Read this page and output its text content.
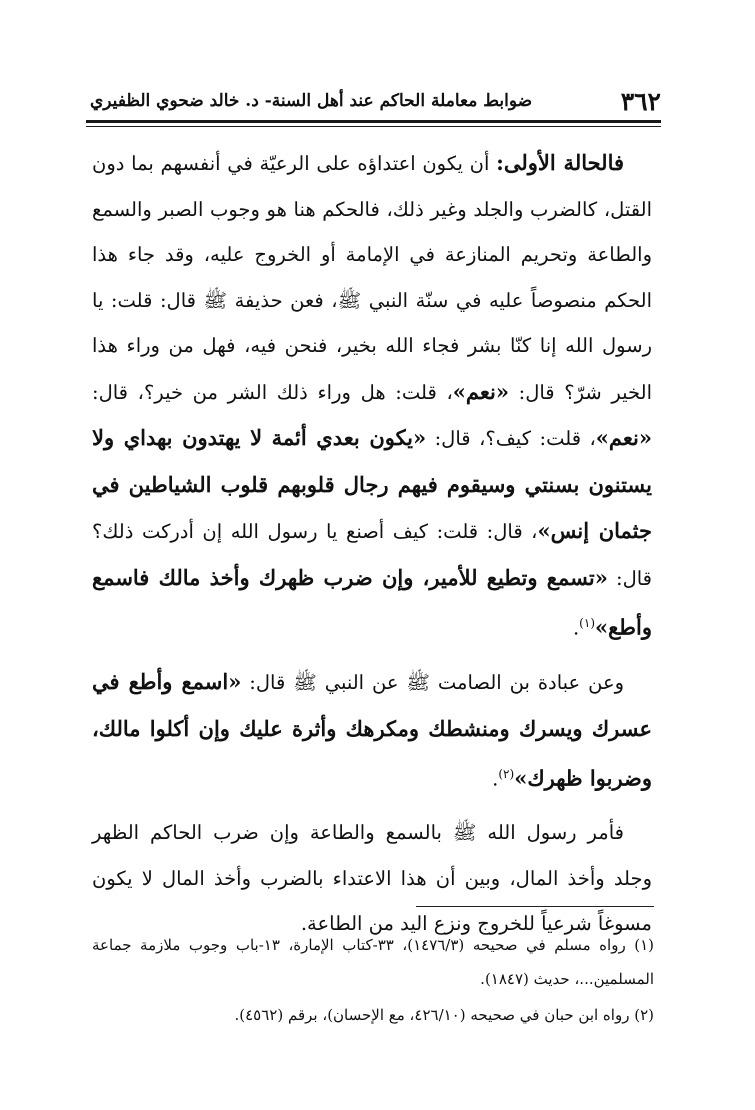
٣٦٢
ضوابط معاملة الحاكم عند أهل السنة- د. خالد ضحوي الظفيري

فالحالة الأولى: أن يكون اعتداؤه على الرعيّة في أنفسهم بما دون القتل، كالضرب والجلد وغير ذلك، فالحكم هنا هو وجوب الصبر والسمع والطاعة وتحريم المنازعة في الإمامة أو الخروج عليه، وقد جاء هذا الحكم منصوصاً عليه في سنّة النبي ﷺ، فعن حذيفة ﷺ قال: قلت: يا رسول الله إنا كنّا بشر فجاء الله بخير، فنحن فيه، فهل من وراء هذا الخير شرّ؟ قال: «نعم»، قلت: هل وراء ذلك الشر من خير؟، قال: «نعم»، قلت: كيف؟، قال: «يكون بعدي أئمة لا يهتدون بهداي ولا يستنون بسنتي وسيقوم فيهم رجال قلوبهم قلوب الشياطين في جثمان إنس»، قال: قلت: كيف أصنع يا رسول الله إن أدركت ذلك؟ قال: «تسمع وتطيع للأمير، وإن ضرب ظهرك وأخذ مالك فاسمع وأطع»$^{(١)}$.

وعن عبادة بن الصامت ﷺ عن النبي ﷺ قال: «اسمع وأطع في عسرك ويسرك ومنشطك ومكرهك وأثرة عليك وإن أكلوا مالك، وضربوا ظهرك»$^{(٢)}$.

فأمر رسول الله ﷺ بالسمع والطاعة وإن ضرب الحاكم الظهر وجلد وأخذ المال، وبين أن هذا الاعتداء بالضرب وأخذ المال لا يكون مسوغاً شرعياً للخروج ونزع اليد من الطاعة.

(١) رواه مسلم في صحيحه (١٤٧٦/٣)، ٣٣-كتاب الإمارة، ١٣-باب وجوب ملازمة جماعة المسلمين...، حديث (١٨٤٧).

(٢) رواه ابن حبان في صحيحه (٤٢٦/١٠، مع الإحسان)، برقم (٤٥٦٢).
